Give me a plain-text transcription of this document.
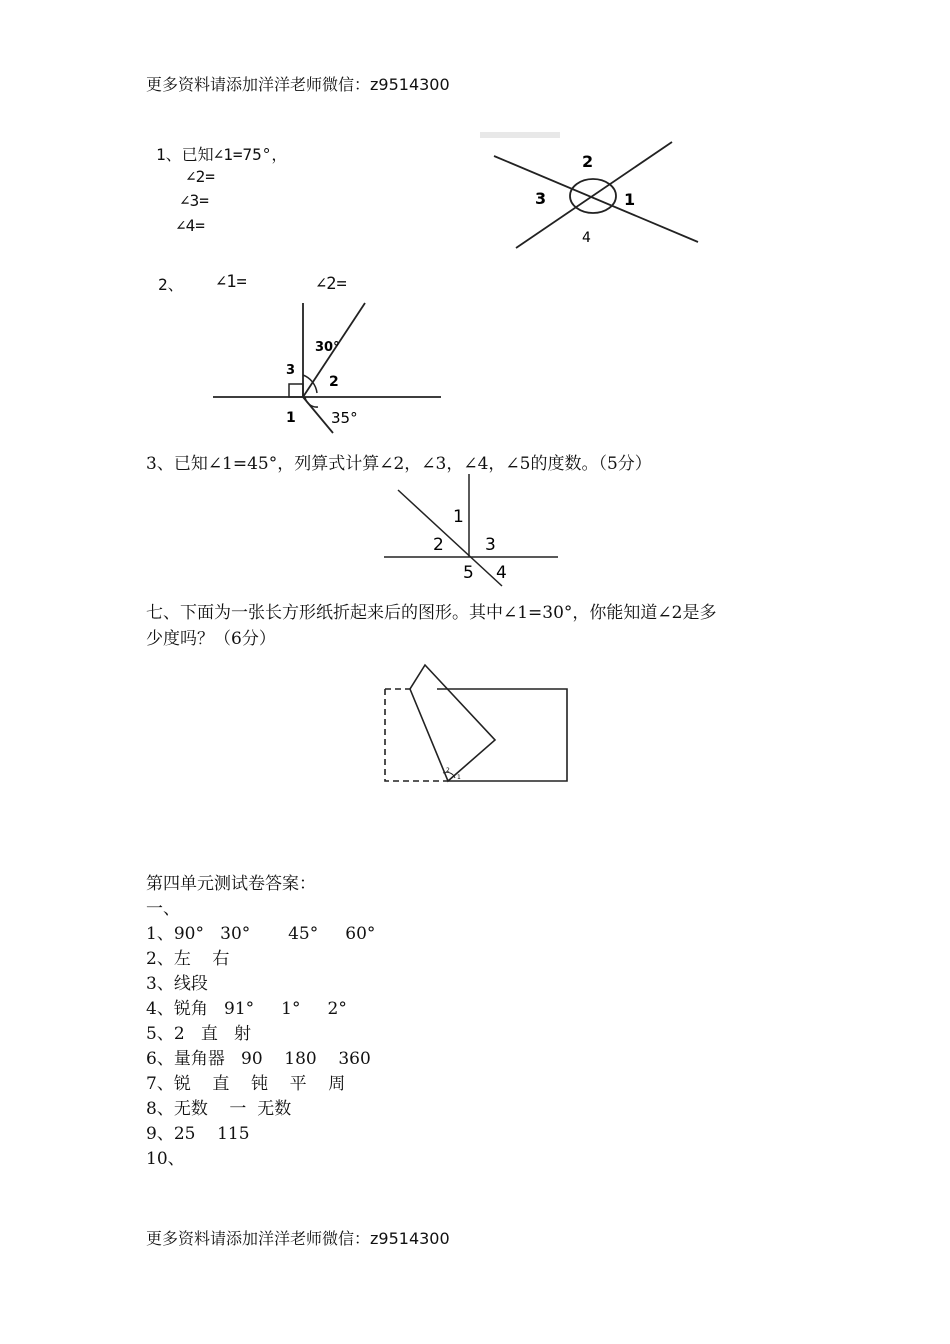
更多资料请添加洋洋老师微信：z9514300
1、已知∠1=75°，
∠2=
∠3=
∠4=
2
3	1
4
2、 ∠1=	∠2=
30°
3
2
1 35°
3、已知∠1=45°，列算式计算∠2，∠3，∠4，∠5的度数。（5分）
1
2 3
5 4
七、下面为一张长方形纸折起来后的图形。其中∠1=30°，你能知道∠2是多
少度吗？（6分）
2
1
第四单元测试卷答案：
一、
1、90°   30°       45°     60°
2、左    右
3、线段
4、锐角   91°     1°     2°
5、2   直   射
6、量角器   90    180    360
7、锐    直    钝    平    周
8、无数    一  无数
9、25    115
10、
更多资料请添加洋洋老师微信：z9514300
